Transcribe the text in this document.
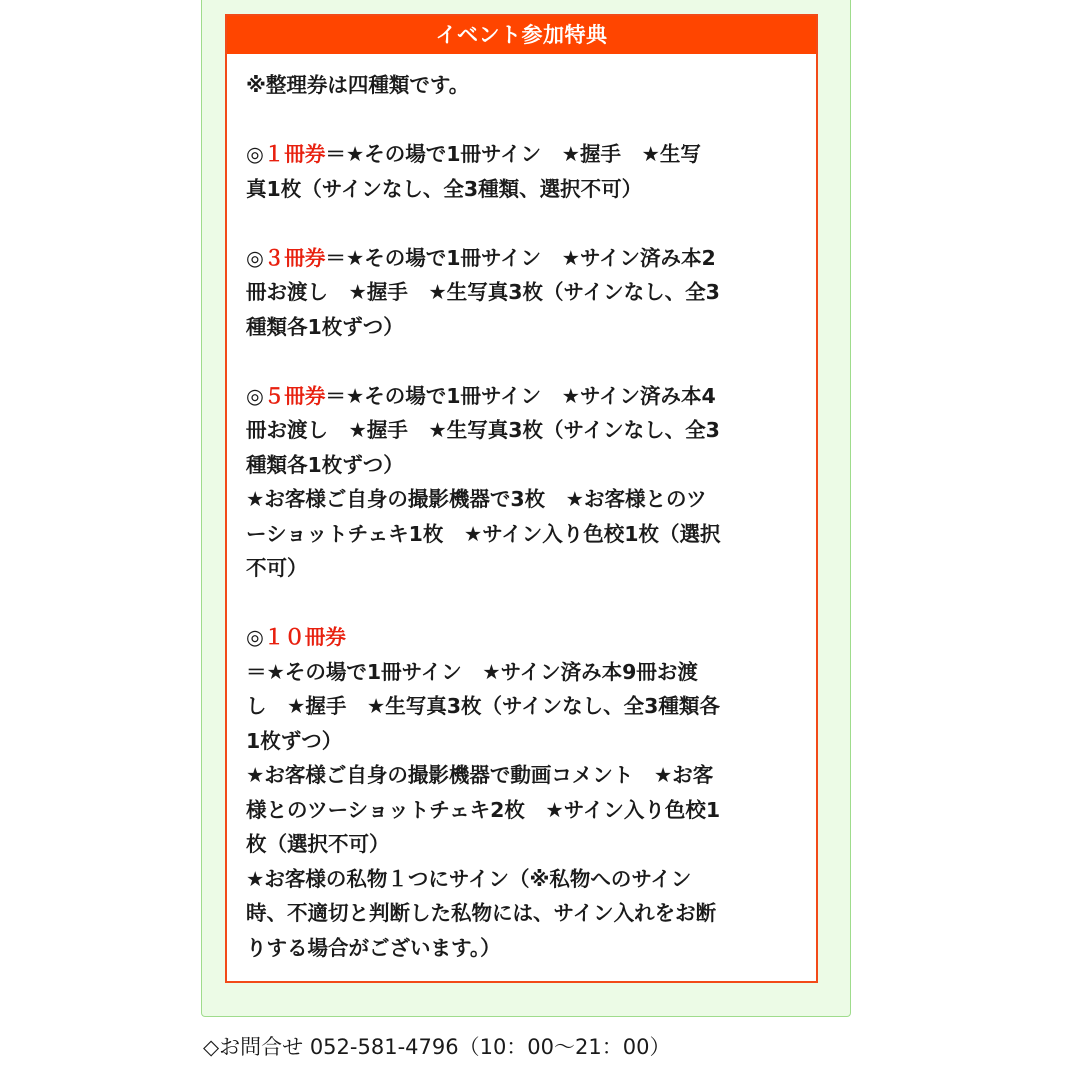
イベント参加特典
※整理券は四種類です。
◎１冊券＝★その場で1冊サイン　★握手　★生写
真1枚（サインなし、全3種類、選択不可）
◎３冊券＝★その場で1冊サイン　★サイン済み本2
冊お渡し　★握手　★生写真3枚（サインなし、全3
種類各1枚ずつ）
◎５冊券＝★その場で1冊サイン　★サイン済み本4
冊お渡し　★握手　★生写真3枚（サインなし、全3
種類各1枚ずつ）
★お客様ご自身の撮影機器で3枚　★お客様とのツ
ーショットチェキ1枚　★サイン入り色校1枚（選択
不可）
◎１０冊券
＝★その場で1冊サイン　★サイン済み本9冊お渡
し　★握手　★生写真3枚（サインなし、全3種類各
1枚ずつ）
★お客様ご自身の撮影機器で動画コメント　★お客
様とのツーショットチェキ2枚　★サイン入り色校1
枚（選択不可）
★お客様の私物１つにサイン（※私物へのサイン
時、不適切と判断した私物には、サイン入れをお断
りする場合がございます。）
◇お問合せ 052-581-4796（10：00〜21：00）
